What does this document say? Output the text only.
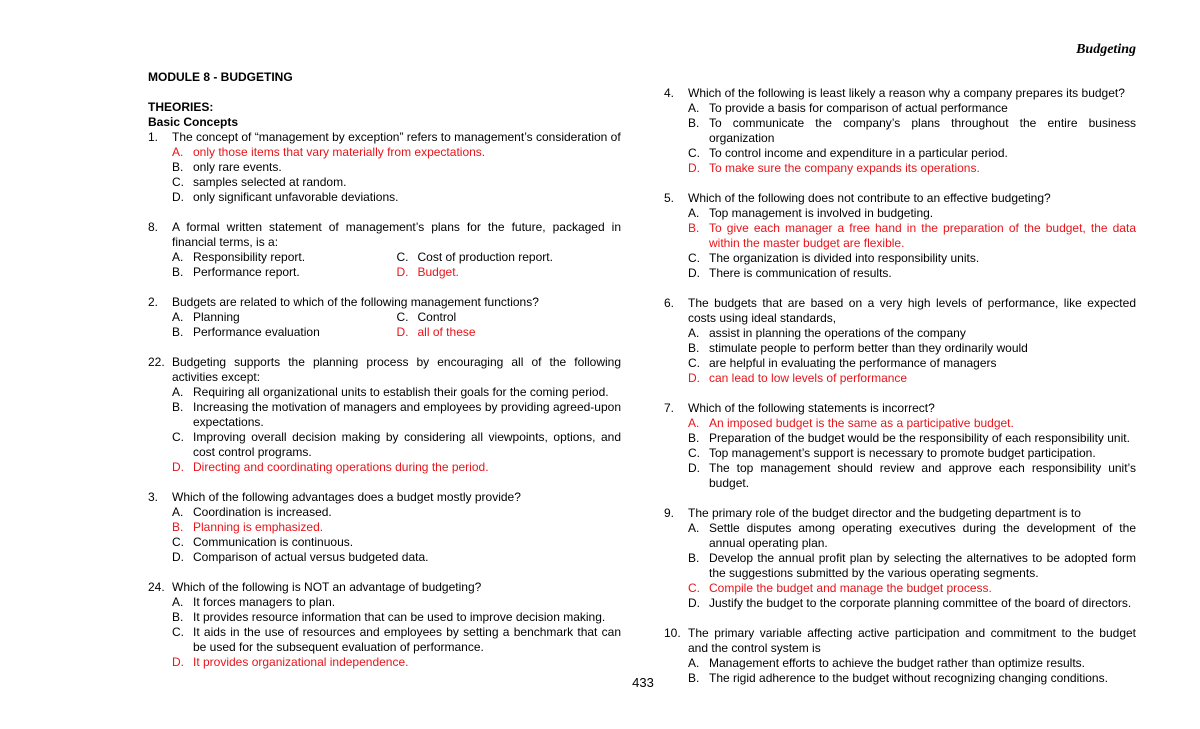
Budgeting
MODULE 8 - BUDGETING
THEORIES:
Basic Concepts
1.	The concept of “management by exception” refers to management’s consideration of
A. only those items that vary materially from expectations.
B. only rare events.
C. samples selected at random.
D. only significant unfavorable deviations.
8.	A formal written statement of management’s plans for the future, packaged in financial terms, is a:
A. Responsibility report.	C. Cost of production report.
B. Performance report.	D. Budget.
2.	Budgets are related to which of the following management functions?
A. Planning	C. Control
B. Performance evaluation	D. all of these
22. Budgeting supports the planning process by encouraging all of the following activities except:
A. Requiring all organizational units to establish their goals for the coming period.
B. Increasing the motivation of managers and employees by providing agreed-upon expectations.
C. Improving overall decision making by considering all viewpoints, options, and cost control programs.
D. Directing and coordinating operations during the period.
3.	Which of the following advantages does a budget mostly provide?
A. Coordination is increased.
B. Planning is emphasized.
C. Communication is continuous.
D. Comparison of actual versus budgeted data.
24. Which of the following is NOT an advantage of budgeting?
A. It forces managers to plan.
B. It provides resource information that can be used to improve decision making.
C. It aids in the use of resources and employees by setting a benchmark that can be used for the subsequent evaluation of performance.
D. It provides organizational independence.
4.	Which of the following is least likely a reason why a company prepares its budget?
A. To provide a basis for comparison of actual performance
B. To communicate the company’s plans throughout the entire business organization
C. To control income and expenditure in a particular period.
D. To make sure the company expands its operations.
5.	Which of the following does not contribute to an effective budgeting?
A. Top management is involved in budgeting.
B. To give each manager a free hand in the preparation of the budget, the data within the master budget are flexible.
C. The organization is divided into responsibility units.
D. There is communication of results.
6.	The budgets that are based on a very high levels of performance, like expected costs using ideal standards,
A. assist in planning the operations of the company
B. stimulate people to perform better than they ordinarily would
C. are helpful in evaluating the performance of managers
D. can lead to low levels of performance
7.	Which of the following statements is incorrect?
A. An imposed budget is the same as a participative budget.
B. Preparation of the budget would be the responsibility of each responsibility unit.
C. Top management’s support is necessary to promote budget participation.
D. The top management should review and approve each responsibility unit’s budget.
9.	The primary role of the budget director and the budgeting department is to
A. Settle disputes among operating executives during the development of the annual operating plan.
B. Develop the annual profit plan by selecting the alternatives to be adopted form the suggestions submitted by the various operating segments.
C. Compile the budget and manage the budget process.
D. Justify the budget to the corporate planning committee of the board of directors.
10. The primary variable affecting active participation and commitment to the budget and the control system is
A. Management efforts to achieve the budget rather than optimize results.
B. The rigid adherence to the budget without recognizing changing conditions.
433
